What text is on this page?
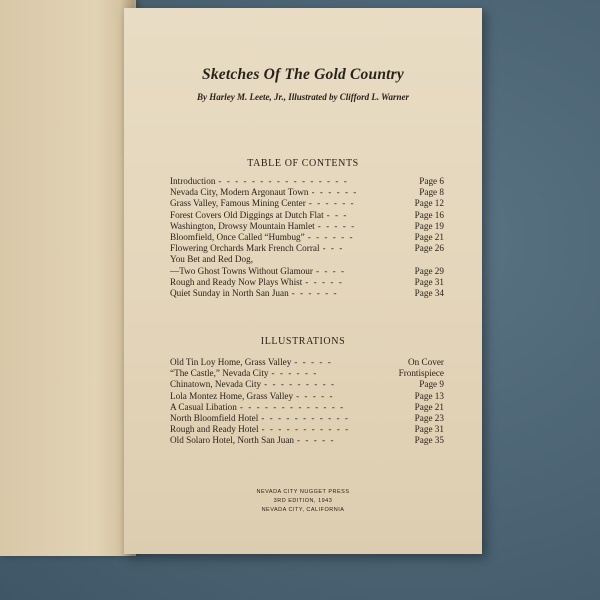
Sketches Of The Gold Country
By Harley M. Leete, Jr., Illustrated by Clifford L. Warner
TABLE OF CONTENTS
Introduction - - - - - - - - - - - - - - - -	Page 6
Nevada City, Modern Argonaut Town - - - - - -	Page 8
Grass Valley, Famous Mining Center - - - - - -	Page 12
Forest Covers Old Diggings at Dutch Flat - - -	Page 16
Washington, Drowsy Mountain Hamlet - - - - -	Page 19
Bloomfield, Once Called “Humbug” - - - - - -	Page 21
Flowering Orchards Mark French Corral - - -	Page 26
You Bet and Red Dog,
—Two Ghost Towns Without Glamour - - - -	Page 29
Rough and Ready Now Plays Whist - - - - -	Page 31
Quiet Sunday in North San Juan - - - - - -	Page 34
ILLUSTRATIONS
Old Tin Loy Home, Grass Valley - - - - -	On Cover
“The Castle,” Nevada City - - - - - -	Frontispiece
Chinatown, Nevada City - - - - - - - - -	Page 9
Lola Montez Home, Grass Valley - - - - -	Page 13
A Casual Libation - - - - - - - - - - - - -	Page 21
North Bloomfield Hotel - - - - - - - - - - -	Page 23
Rough and Ready Hotel - - - - - - - - - - -	Page 31
Old Solaro Hotel, North San Juan - - - - -	Page 35
NEVADA CITY NUGGET PRESS
3RD EDITION, 1943
NEVADA CITY, CALIFORNIA
